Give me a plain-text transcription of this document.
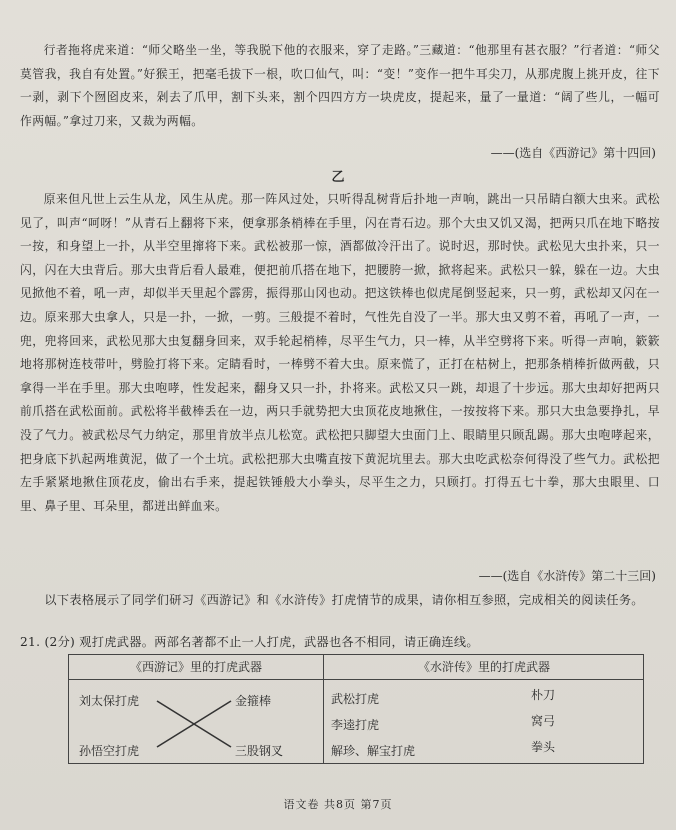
行者拖将虎来道：“师父略坐一坐，等我脱下他的衣服来，穿了走路。”三藏道：“他那里有甚衣服？”行者道：“师父莫管我，我自有处置。”好猴王，把毫毛拔下一根，吹口仙气，叫：“变！”变作一把牛耳尖刀，从那虎腹上挑开皮，往下一剥，剥下个囫囵皮来，剁去了爪甲，割下头来，割个四四方方一块虎皮，提起来，量了一量道：“阔了些儿，一幅可作两幅。”拿过刀来，又裁为两幅。

——(选自《西游记》第十四回)

乙

原来但凡世上云生从龙，风生从虎。那一阵风过处，只听得乱树背后扑地一声响，跳出一只吊睛白额大虫来。武松见了，叫声“呵呀！”从青石上翻将下来，便拿那条梢棒在手里，闪在青石边。那个大虫又饥又渴，把两只爪在地下略按一按，和身望上一扑，从半空里撺将下来。武松被那一惊，酒都做冷汗出了。说时迟，那时快。武松见大虫扑来，只一闪，闪在大虫背后。那大虫背后看人最难，便把前爪搭在地下，把腰胯一掀，掀将起来。武松只一躲，躲在一边。大虫见掀他不着，吼一声，却似半天里起个霹雳，振得那山冈也动。把这铁棒也似虎尾倒竖起来，只一剪，武松却又闪在一边。原来那大虫拿人，只是一扑，一掀，一剪。三般提不着时，气性先自没了一半。那大虫又剪不着，再吼了一声，一兜，兜将回来，武松见那大虫复翻身回来，双手轮起梢棒，尽平生气力，只一棒，从半空劈将下来。听得一声响，簌簌地将那树连枝带叶，劈脸打将下来。定睛看时，一棒劈不着大虫。原来慌了，正打在枯树上，把那条梢棒折做两截，只拿得一半在手里。那大虫咆哮，性发起来，翻身又只一扑，扑将来。武松又只一跳，却退了十步远。那大虫却好把两只前爪搭在武松面前。武松将半截棒丢在一边，两只手就势把大虫顶花皮地揪住，一按按将下来。那只大虫急要挣扎，早没了气力。被武松尽气力纳定，那里肯放半点儿松宽。武松把只脚望大虫面门上、眼睛里只顾乱踢。那大虫咆哮起来，把身底下扒起两堆黄泥，做了一个土坑。武松把那大虫嘴直按下黄泥坑里去。那大虫吃武松奈何得没了些气力。武松把左手紧紧地揪住顶花皮，偷出右手来，提起铁锤般大小拳头，尽平生之力，只顾打。打得五七十拳，那大虫眼里、口里、鼻子里、耳朵里，都迸出鲜血来。

——(选自《水浒传》第二十三回)

以下表格展示了同学们研习《西游记》和《水浒传》打虎情节的成果，请你相互参照，完成相关的阅读任务。

21. (2分) 观打虎武器。两部名著都不止一人打虎，武器也各不相同，请正确连线。

《西游记》里的打虎武器	《水浒传》里的打虎武器
刘太保打虎
孙悟空打虎
金箍棒
三股钢叉
武松打虎
李逵打虎
解珍、解宝打虎
朴刀
窝弓
拳头
语文卷 共8页 第7页
